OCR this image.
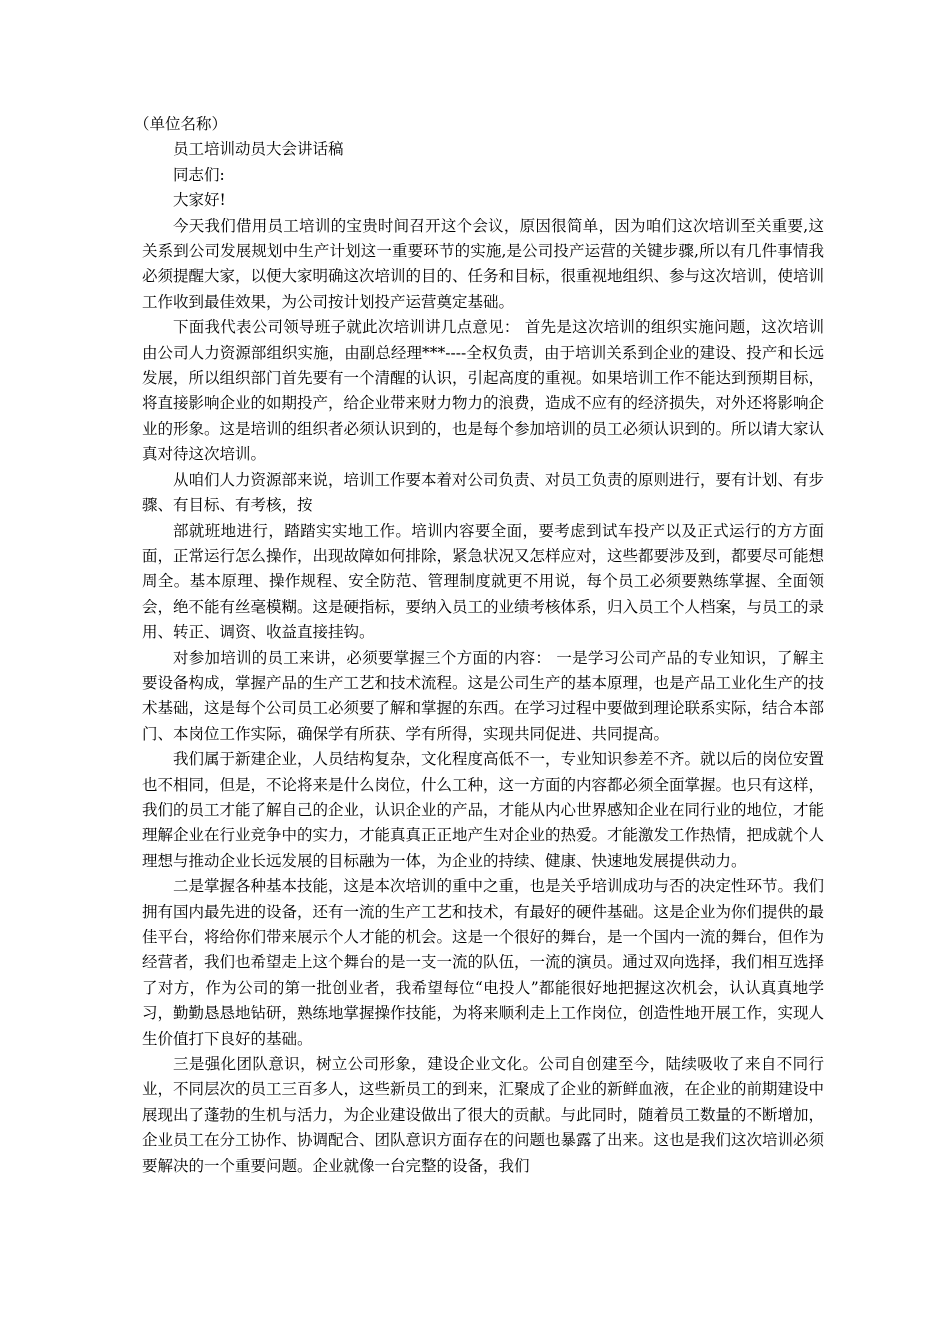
（单位名称）

员工培训动员大会讲话稿

同志们:

大家好!

今天我们借用员工培训的宝贵时间召开这个会议，原因很简单，因为咱们这次培训至关重要,这关系到公司发展规划中生产计划这一重要环节的实施,是公司投产运营的关键步骤,所以有几件事情我必须提醒大家，以便大家明确这次培训的目的、任务和目标，很重视地组织、参与这次培训，使培训工作收到最佳效果，为公司按计划投产运营奠定基础。

下面我代表公司领导班子就此次培训讲几点意见： 首先是这次培训的组织实施问题，这次培训由公司人力资源部组织实施，由副总经理***----全权负责，由于培训关系到企业的建设、投产和长远发展，所以组织部门首先要有一个清醒的认识，引起高度的重视。如果培训工作不能达到预期目标，将直接影响企业的如期投产，给企业带来财力物力的浪费，造成不应有的经济损失，对外还将影响企业的形象。这是培训的组织者必须认识到的，也是每个参加培训的员工必须认识到的。所以请大家认真对待这次培训。

从咱们人力资源部来说，培训工作要本着对公司负责、对员工负责的原则进行，要有计划、有步骤、有目标、有考核，按

部就班地进行，踏踏实实地工作。培训内容要全面，要考虑到试车投产以及正式运行的方方面面，正常运行怎么操作，出现故障如何排除，紧急状况又怎样应对，这些都要涉及到，都要尽可能想周全。基本原理、操作规程、安全防范、管理制度就更不用说，每个员工必须要熟练掌握、全面领会，绝不能有丝毫模糊。这是硬指标，要纳入员工的业绩考核体系，归入员工个人档案，与员工的录用、转正、调资、收益直接挂钩。

对参加培训的员工来讲，必须要掌握三个方面的内容： 一是学习公司产品的专业知识，了解主要设备构成，掌握产品的生产工艺和技术流程。这是公司生产的基本原理，也是产品工业化生产的技术基础，这是每个公司员工必须要了解和掌握的东西。在学习过程中要做到理论联系实际，结合本部门、本岗位工作实际，确保学有所获、学有所得，实现共同促进、共同提高。

我们属于新建企业，人员结构复杂，文化程度高低不一，专业知识参差不齐。就以后的岗位安置也不相同，但是，不论将来是什么岗位，什么工种，这一方面的内容都必须全面掌握。也只有这样，我们的员工才能了解自己的企业，认识企业的产品，才能从内心世界感知企业在同行业的地位，才能理解企业在行业竞争中的实力，才能真真正正地产生对企业的热爱。才能激发工作热情，把成就个人理想与推动企业长远发展的目标融为一体，为企业的持续、健康、快速地发展提供动力。

二是掌握各种基本技能，这是本次培训的重中之重，也是关乎培训成功与否的决定性环节。我们拥有国内最先进的设备，还有一流的生产工艺和技术，有最好的硬件基础。这是企业为你们提供的最佳平台，将给你们带来展示个人才能的机会。这是一个很好的舞台，是一个国内一流的舞台，但作为经营者，我们也希望走上这个舞台的是一支一流的队伍，一流的演员。通过双向选择，我们相互选择了对方，作为公司的第一批创业者，我希望每位“电投人”都能很好地把握这次机会，认认真真地学习，勤勤恳恳地钻研，熟练地掌握操作技能，为将来顺利走上工作岗位，创造性地开展工作，实现人生价值打下良好的基础。

三是强化团队意识，树立公司形象，建设企业文化。公司自创建至今，陆续吸收了来自不同行业，不同层次的员工三百多人，这些新员工的到来，汇聚成了企业的新鲜血液，在企业的前期建设中展现出了蓬勃的生机与活力，为企业建设做出了很大的贡献。与此同时，随着员工数量的不断增加，企业员工在分工协作、协调配合、团队意识方面存在的问题也暴露了出来。这也是我们这次培训必须要解决的一个重要问题。企业就像一台完整的设备，我们
